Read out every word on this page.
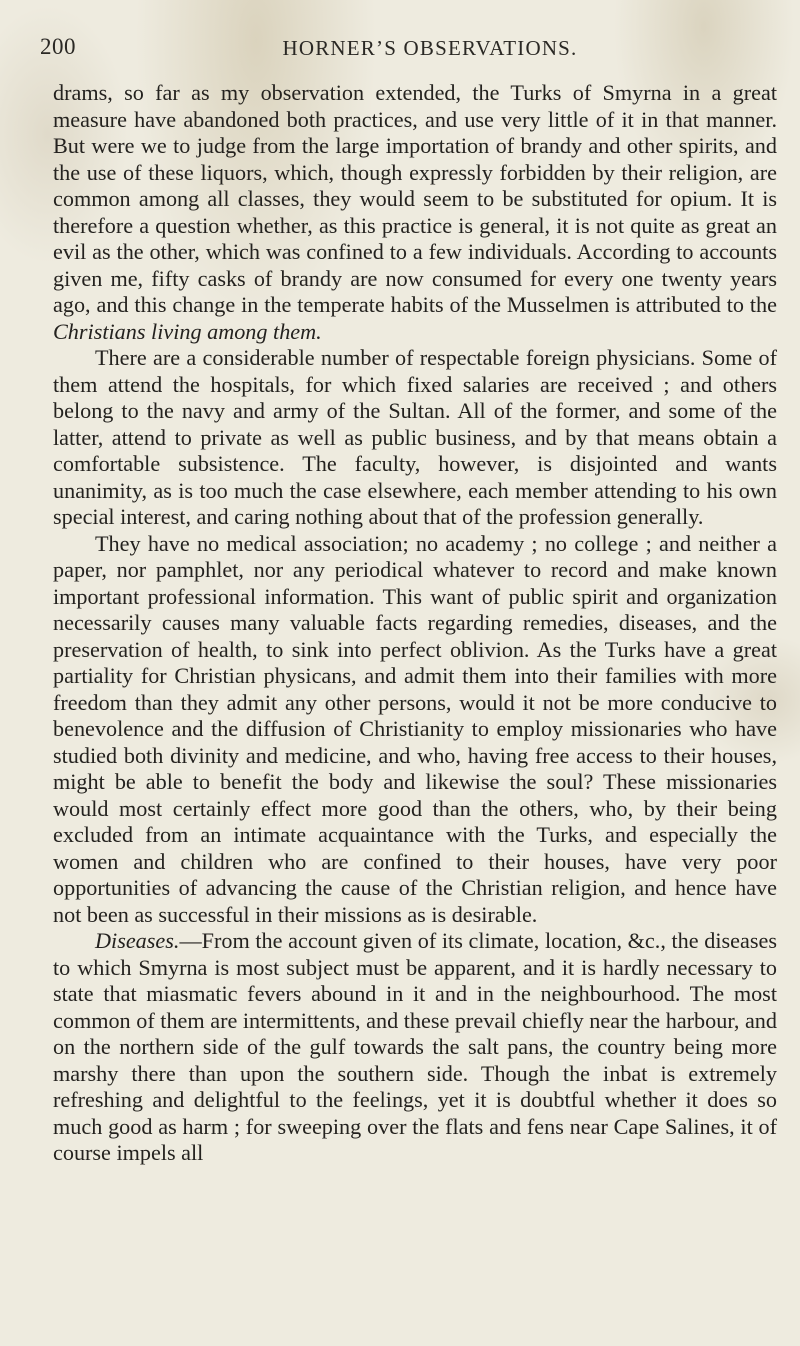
200	HORNER’S OBSERVATIONS.

drams, so far as my observation extended, the Turks of Smyrna in a great measure have abandoned both practices, and use very little of it in that manner. But were we to judge from the large importation of brandy and other spirits, and the use of these liquors, which, though expressly forbidden by their religion, are common among all classes, they would seem to be substituted for opium. It is therefore a question whether, as this practice is general, it is not quite as great an evil as the other, which was confined to a few individuals. According to accounts given me, fifty casks of brandy are now consumed for every one twenty years ago, and this change in the temperate habits of the Musselmen is attributed to the Christians living among them.

There are a considerable number of respectable foreign physicians. Some of them attend the hospitals, for which fixed salaries are received ; and others belong to the navy and army of the Sultan. All of the former, and some of the latter, attend to private as well as public business, and by that means obtain a comfortable subsistence. The faculty, however, is disjointed and wants unanimity, as is too much the case elsewhere, each member attending to his own special interest, and caring nothing about that of the profession generally.

They have no medical association; no academy ; no college ; and neither a paper, nor pamphlet, nor any periodical whatever to record and make known important professional information. This want of public spirit and organization necessarily causes many valuable facts regarding remedies, diseases, and the preservation of health, to sink into perfect oblivion. As the Turks have a great partiality for Christian physicans, and admit them into their families with more freedom than they admit any other persons, would it not be more conducive to benevolence and the diffusion of Christianity to employ missionaries who have studied both divinity and medicine, and who, having free access to their houses, might be able to benefit the body and likewise the soul? These missionaries would most certainly effect more good than the others, who, by their being excluded from an intimate acquaintance with the Turks, and especially the women and children who are confined to their houses, have very poor opportunities of advancing the cause of the Christian religion, and hence have not been as successful in their missions as is desirable.

Diseases.—From the account given of its climate, location, &c., the diseases to which Smyrna is most subject must be apparent, and it is hardly necessary to state that miasmatic fevers abound in it and in the neighbourhood. The most common of them are intermittents, and these prevail chiefly near the harbour, and on the northern side of the gulf towards the salt pans, the country being more marshy there than upon the southern side. Though the inbat is extremely refreshing and delightful to the feelings, yet it is doubtful whether it does so much good as harm ; for sweeping over the flats and fens near Cape Salines, it of course impels all
